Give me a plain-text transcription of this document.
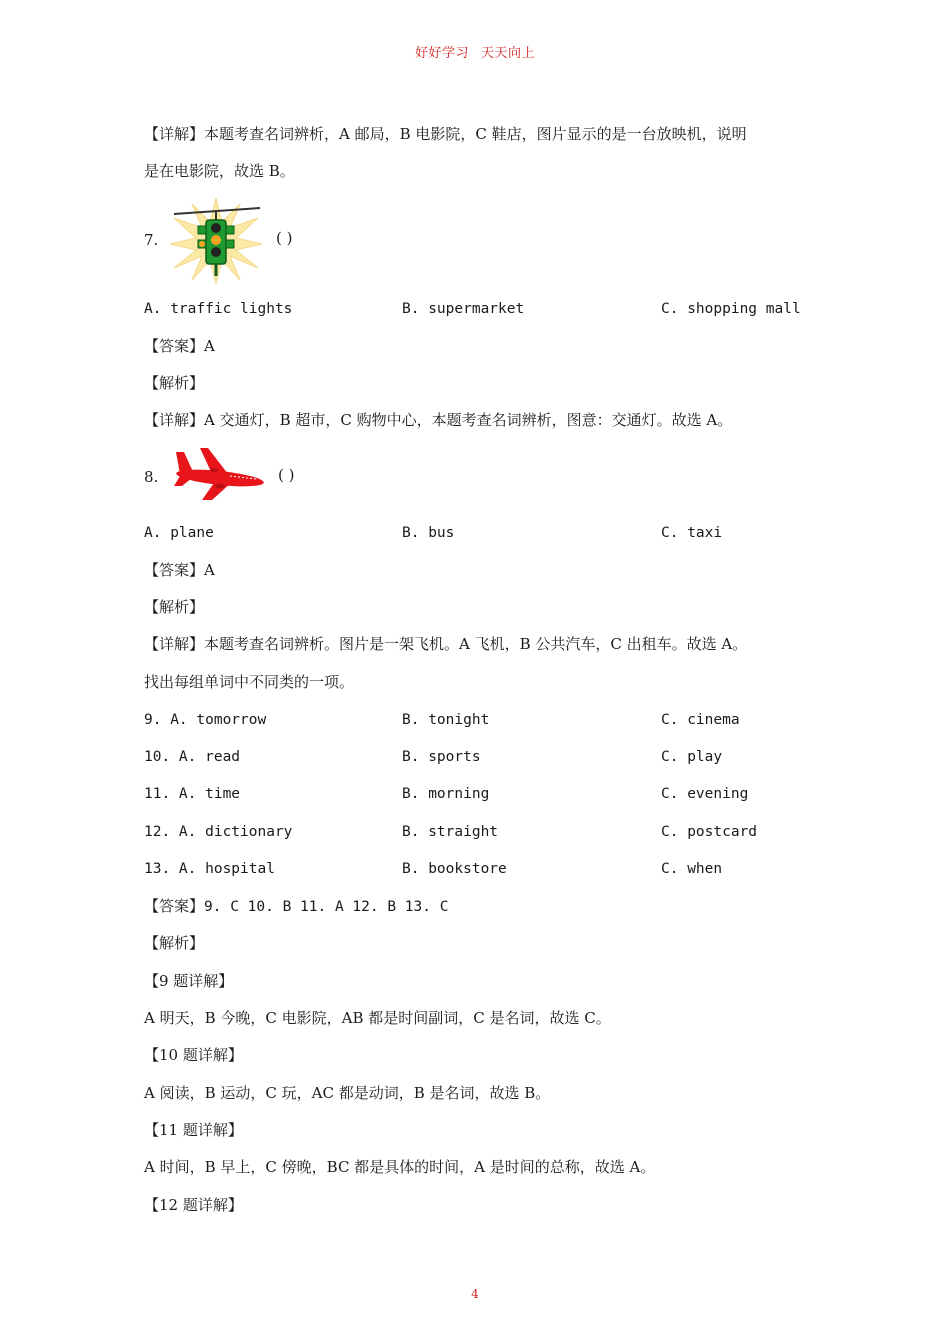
好好学习 天天向上
【详解】本题考查名词辨析，A 邮局，B 电影院，C 鞋店，图片显示的是一台放映机，说明
是在电影院，故选 B。
7.	( )
A. traffic lights	B. supermarket	C. shopping mall
【答案】A
【解析】
【详解】A 交通灯，B 超市，C 购物中心，本题考查名词辨析，图意：交通灯。故选 A。
8.	( )
A. plane	B. bus	C. taxi
【答案】A
【解析】
【详解】本题考查名词辨析。图片是一架飞机。A 飞机，B 公共汽车，C 出租车。故选 A。
找出每组单词中不同类的一项。
9. A. tomorrow	B. tonight	C. cinema
10. A. read	B. sports	C. play
11. A. time	B. morning	C. evening
12. A. dictionary	B. straight	C. postcard
13. A. hospital	B. bookstore	C. when
【答案】9. C 10. B 11. A 12. B 13. C
【解析】
【9 题详解】
A 明天，B 今晚，C 电影院，AB 都是时间副词，C 是名词，故选 C。
【10 题详解】
A 阅读，B 运动，C 玩，AC 都是动词，B 是名词，故选 B。
【11 题详解】
A 时间，B 早上，C 傍晚，BC 都是具体的时间，A 是时间的总称，故选 A。
【12 题详解】
4
